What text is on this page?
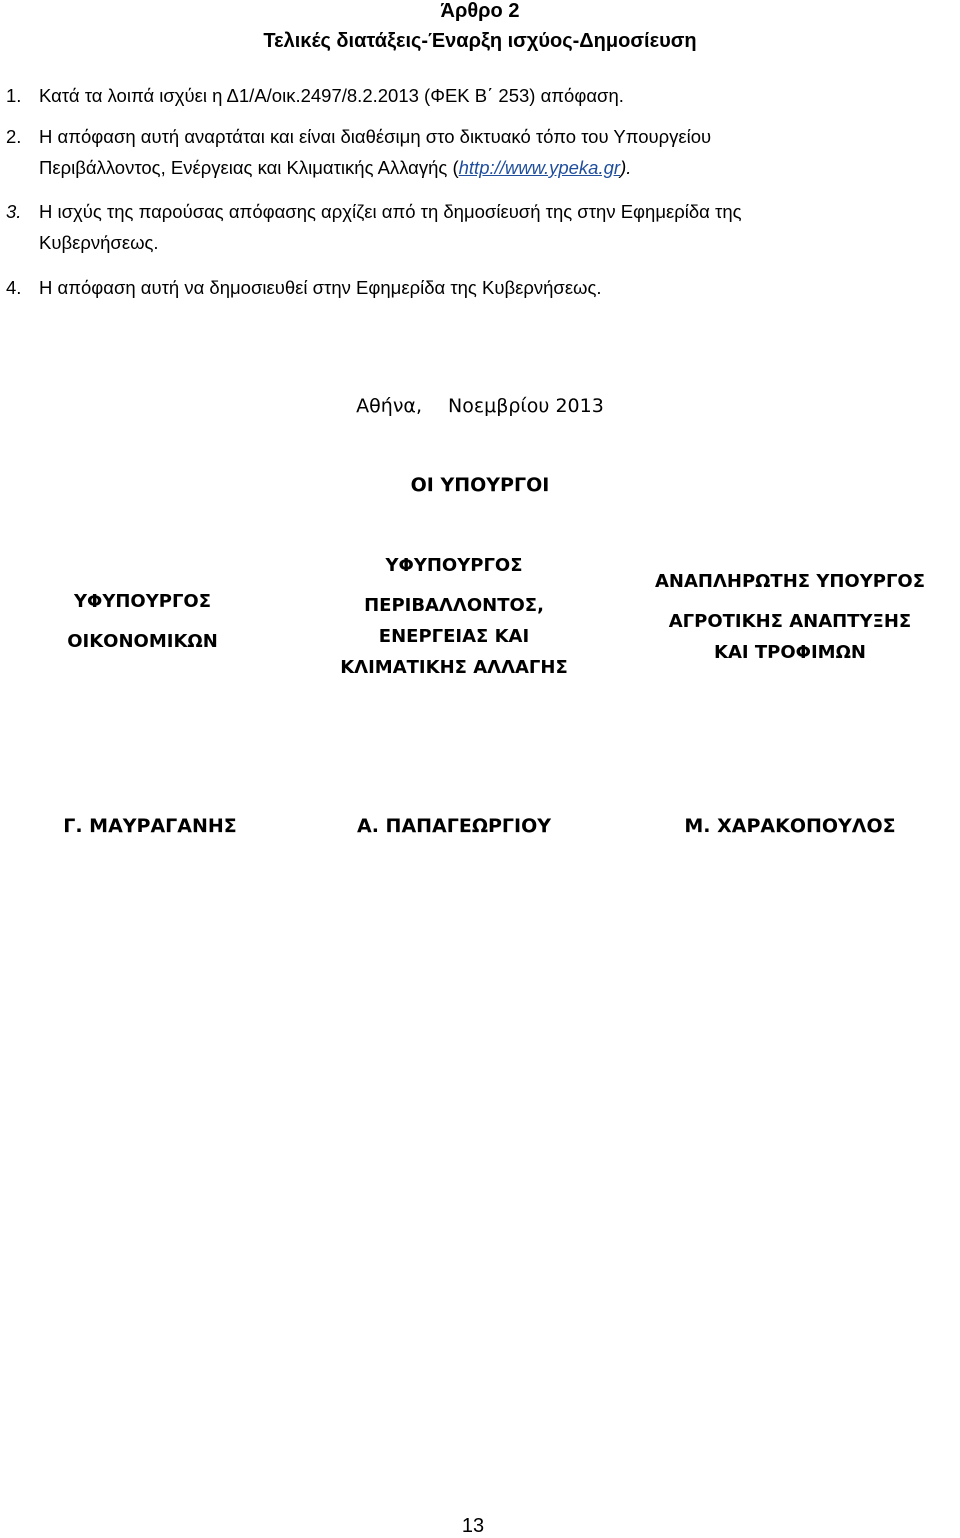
Άρθρο 2
Τελικές διατάξεις-Έναρξη ισχύος-Δημοσίευση
1. Κατά τα λοιπά ισχύει η Δ1/Α/οικ.2497/8.2.2013 (ΦΕΚ Β΄ 253) απόφαση.
2. Η απόφαση αυτή αναρτάται και είναι διαθέσιμη στο δικτυακό τόπο του Υπουργείου
Περιβάλλοντος, Ενέργειας και Κλιματικής Αλλαγής (http://www.ypeka.gr).
3. Η ισχύς της παρούσας απόφασης αρχίζει από τη δημοσίευσή της στην Εφημερίδα της
Κυβερνήσεως.
4. Η απόφαση αυτή να δημοσιευθεί στην Εφημερίδα της Κυβερνήσεως.
Αθήνα, Νοεμβρίου 2013
ΟΙ ΥΠΟΥΡΓΟΙ
ΥΦΥΠΟΥΡΓΟΣ
ΟΙΚΟΝΟΜΙΚΩΝ
ΥΦΥΠΟΥΡΓΟΣ
ΠΕΡΙΒΑΛΛΟΝΤΟΣ,
ΕΝΕΡΓΕΙΑΣ ΚΑΙ
ΚΛΙΜΑΤΙΚΗΣ ΑΛΛΑΓΗΣ
ΑΝΑΠΛΗΡΩΤΗΣ ΥΠΟΥΡΓΟΣ
ΑΓΡΟΤΙΚΗΣ ΑΝΑΠΤΥΞΗΣ
ΚΑΙ ΤΡΟΦΙΜΩΝ
Γ. ΜΑΥΡΑΓΑΝΗΣ	Α. ΠΑΠΑΓΕΩΡΓΙΟΥ	Μ. ΧΑΡΑΚΟΠΟΥΛΟΣ
13
